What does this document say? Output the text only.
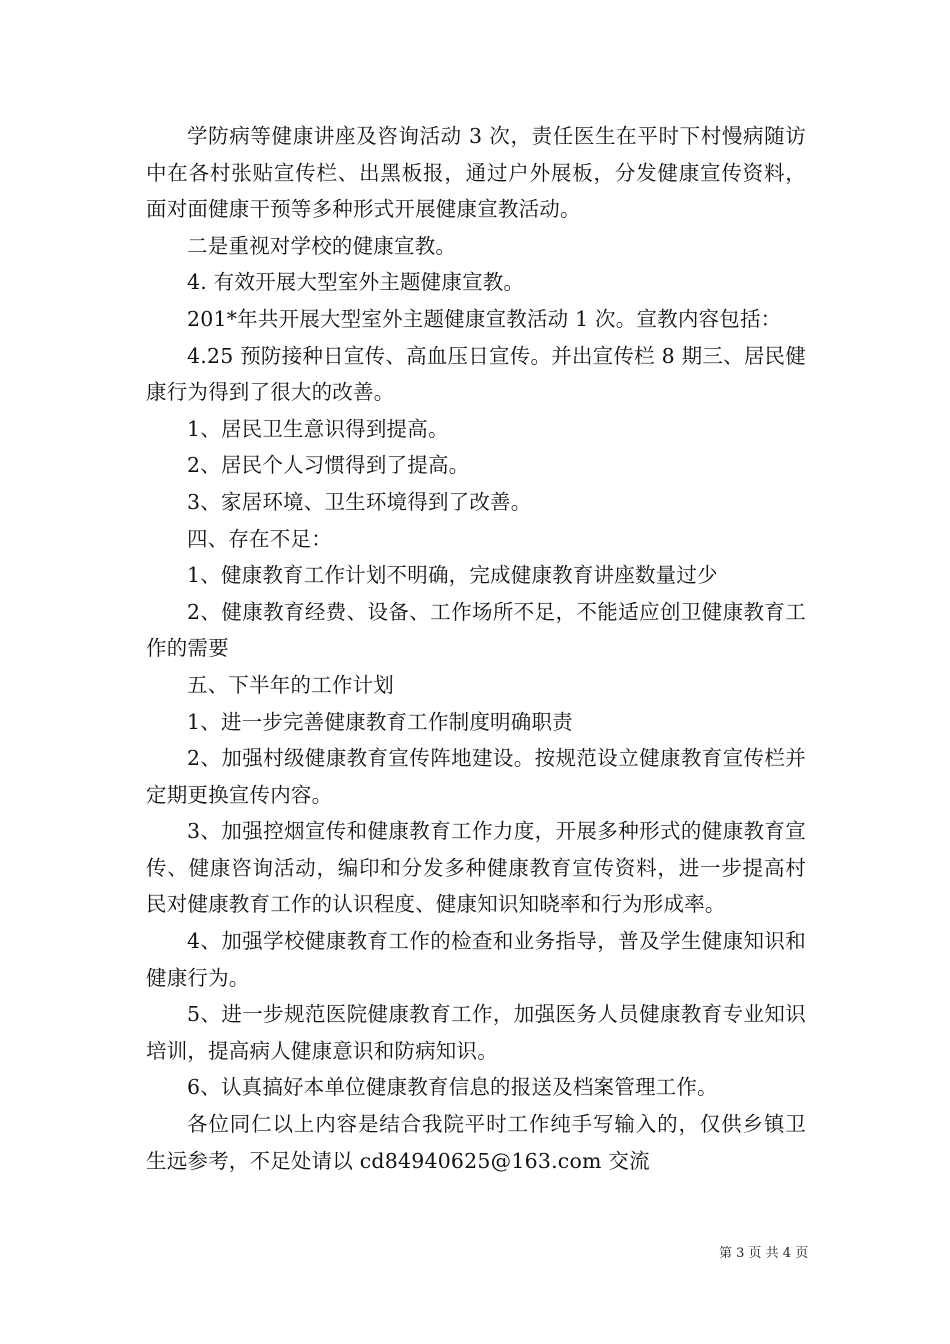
学防病等健康讲座及咨询活动 3 次，责任医生在平时下村慢病随访中在各村张贴宣传栏、出黑板报，通过户外展板，分发健康宣传资料，面对面健康干预等多种形式开展健康宣教活动。

二是重视对学校的健康宣教。

4. 有效开展大型室外主题健康宣教。

201*年共开展大型室外主题健康宣教活动 1 次。宣教内容包括：

4.25 预防接种日宣传、高血压日宣传。并出宣传栏 8 期三、居民健康行为得到了很大的改善。

1、居民卫生意识得到提高。

2、居民个人习惯得到了提高。

3、家居环境、卫生环境得到了改善。

四、存在不足：

1、健康教育工作计划不明确，完成健康教育讲座数量过少

2、健康教育经费、设备、工作场所不足，不能适应创卫健康教育工作的需要

五、下半年的工作计划

1、进一步完善健康教育工作制度明确职责

2、加强村级健康教育宣传阵地建设。按规范设立健康教育宣传栏并定期更换宣传内容。

3、加强控烟宣传和健康教育工作力度，开展多种形式的健康教育宣传、健康咨询活动，编印和分发多种健康教育宣传资料，进一步提高村民对健康教育工作的认识程度、健康知识知晓率和行为形成率。

4、加强学校健康教育工作的检查和业务指导，普及学生健康知识和健康行为。

5、进一步规范医院健康教育工作，加强医务人员健康教育专业知识培训，提高病人健康意识和防病知识。

6、认真搞好本单位健康教育信息的报送及档案管理工作。

各位同仁以上内容是结合我院平时工作纯手写输入的，仅供乡镇卫生远参考，不足处请以 cd84940625@163.com 交流

第 3 页 共 4 页
